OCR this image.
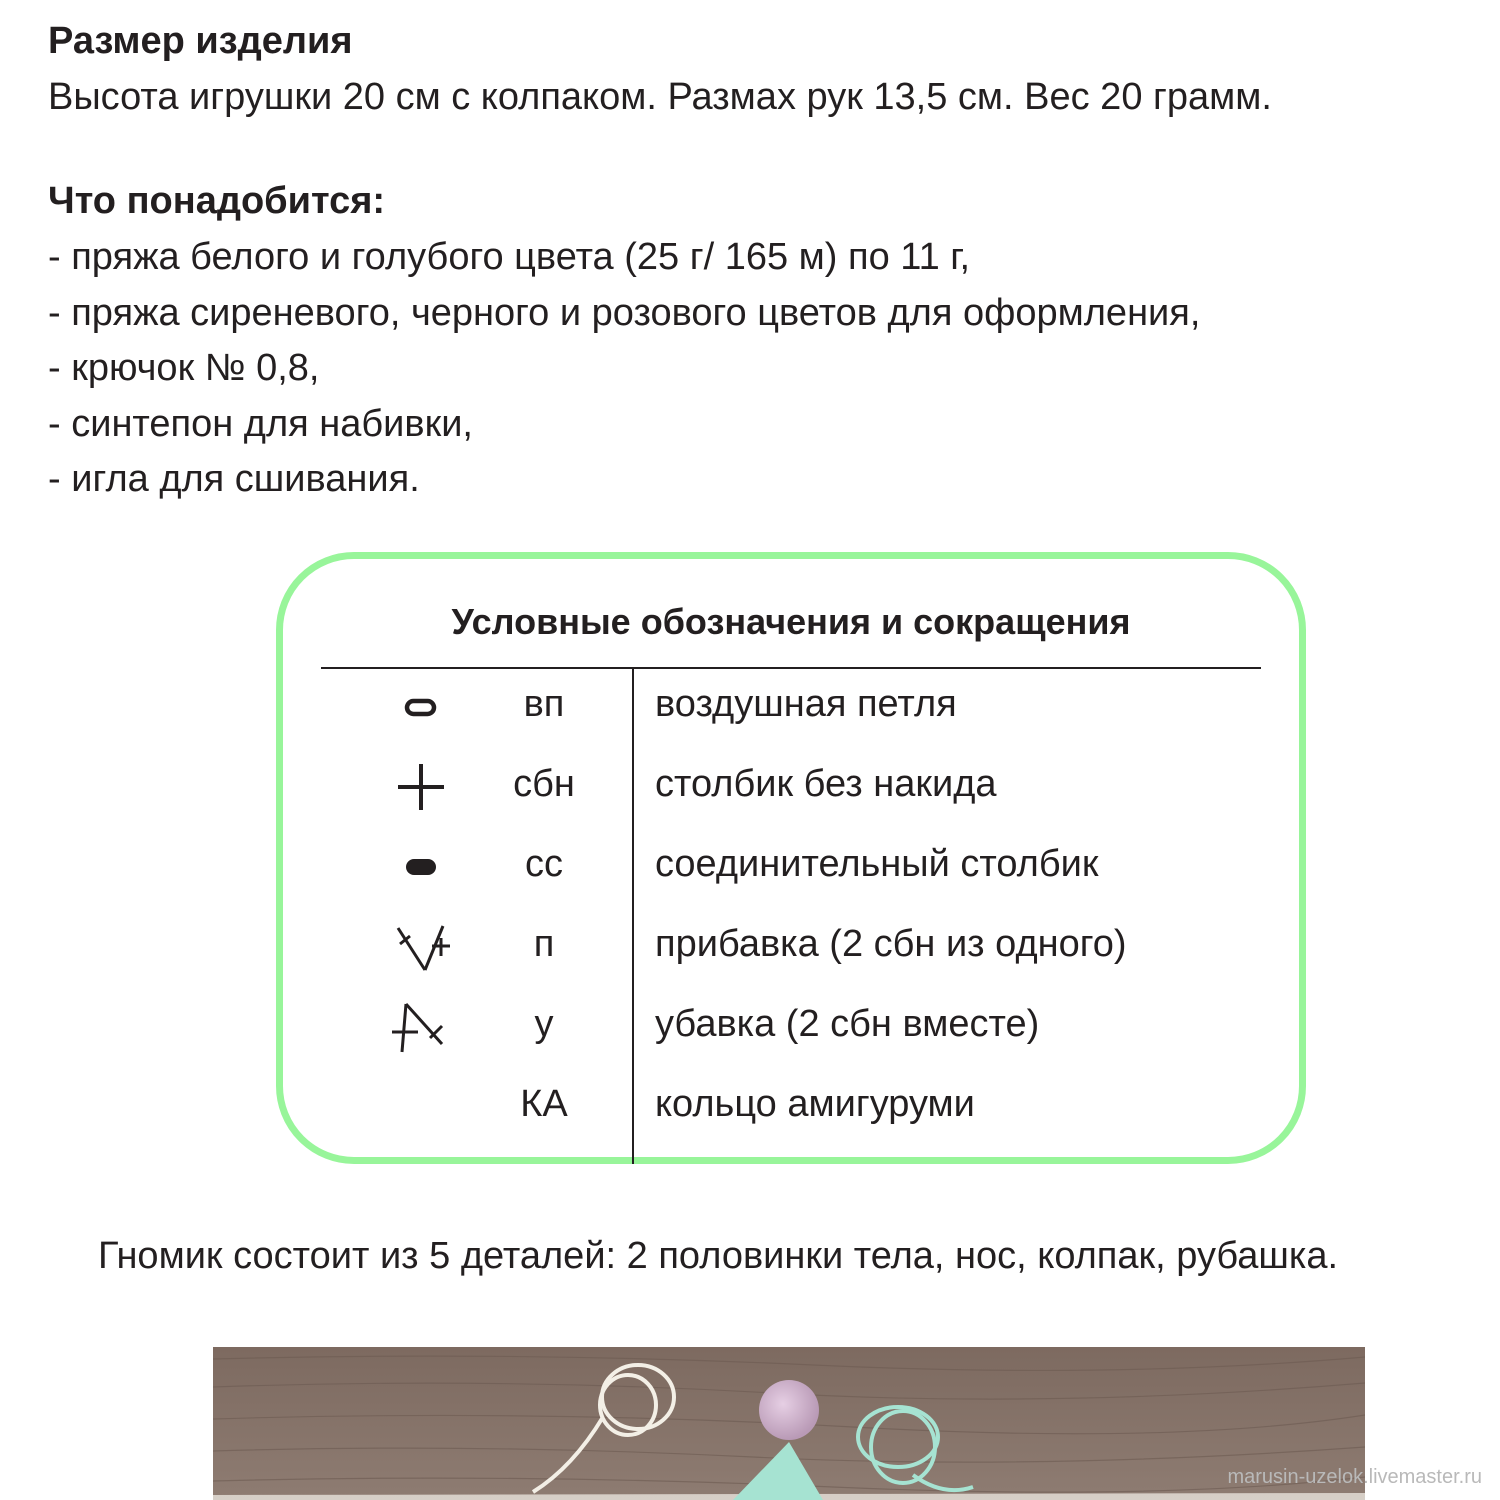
Размер изделия
Высота игрушки 20 см с колпаком. Размах рук 13,5 см. Вес 20 грамм.
Что понадобится:
- пряжа белого и голубого цвета (25 г/ 165 м) по 11 г,
- пряжа сиреневого, черного и розового цветов для оформления,
- крючок № 0,8,
- синтепон для набивки,
- игла для сшивания.
Условные обозначения и сокращения
вп	воздушная петля
сбн	столбик без накида
сс	соединительный столбик
п	прибавка (2 сбн из одного)
у	убавка (2 сбн вместе)
КА	кольцо амигуруми
Гномик состоит из 5 деталей: 2 половинки тела, нос, колпак, рубашка.
marusin-uzelok.livemaster.ru
